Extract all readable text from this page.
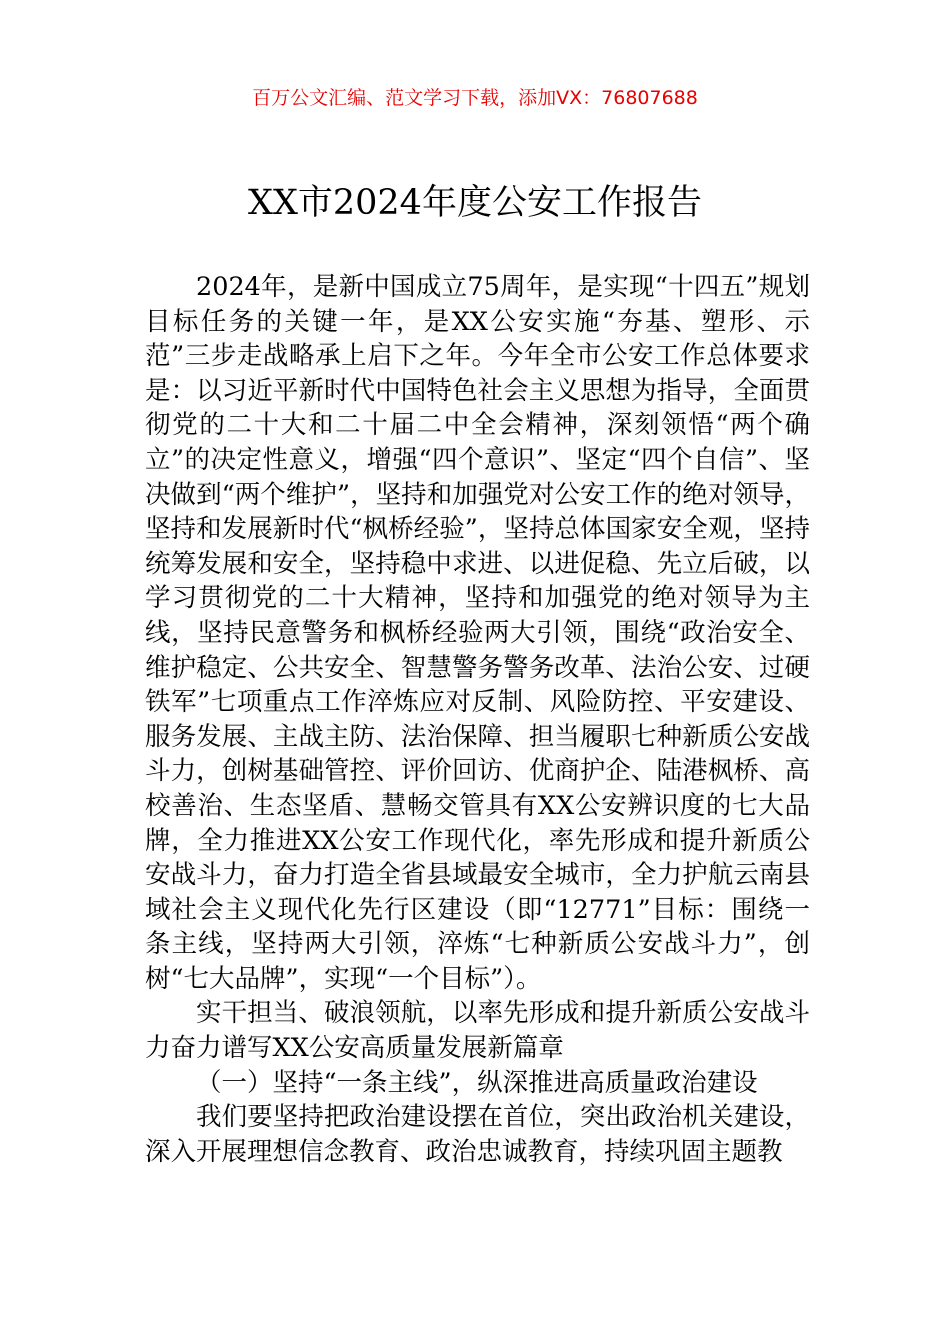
百万公文汇编、范文学习下载，添加VX：76807688
XX市2024年度公安工作报告

2024年，是新中国成立75周年，是实现“十四五”规划目标任务的关键一年，是XX公安实施“夯基、塑形、示范”三步走战略承上启下之年。今年全市公安工作总体要求是：以习近平新时代中国特色社会主义思想为指导，全面贯彻党的二十大和二十届二中全会精神，深刻领悟“两个确立”的决定性意义，增强“四个意识”、坚定“四个自信”、坚决做到“两个维护”，坚持和加强党对公安工作的绝对领导，坚持和发展新时代“枫桥经验”，坚持总体国家安全观，坚持统筹发展和安全，坚持稳中求进、以进促稳、先立后破，以学习贯彻党的二十大精神，坚持和加强党的绝对领导为主线，坚持民意警务和枫桥经验两大引领，围绕“政治安全、维护稳定、公共安全、智慧警务警务改革、法治公安、过硬铁军”七项重点工作淬炼应对反制、风险防控、平安建设、服务发展、主战主防、法治保障、担当履职七种新质公安战斗力，创树基础管控、评价回访、优商护企、陆港枫桥、高校善治、生态坚盾、慧畅交管具有XX公安辨识度的七大品牌，全力推进XX公安工作现代化，率先形成和提升新质公安战斗力，奋力打造全省县域最安全城市，全力护航云南县域社会主义现代化先行区建设（即“12771”目标：围绕一条主线，坚持两大引领，淬炼“七种新质公安战斗力”，创树“七大品牌”，实现“一个目标”）。

实干担当、破浪领航，以率先形成和提升新质公安战斗力奋力谱写XX公安高质量发展新篇章

（一）坚持“一条主线”，纵深推进高质量政治建设

我们要坚持把政治建设摆在首位，突出政治机关建设，深入开展理想信念教育、政治忠诚教育，持续巩固主题教
